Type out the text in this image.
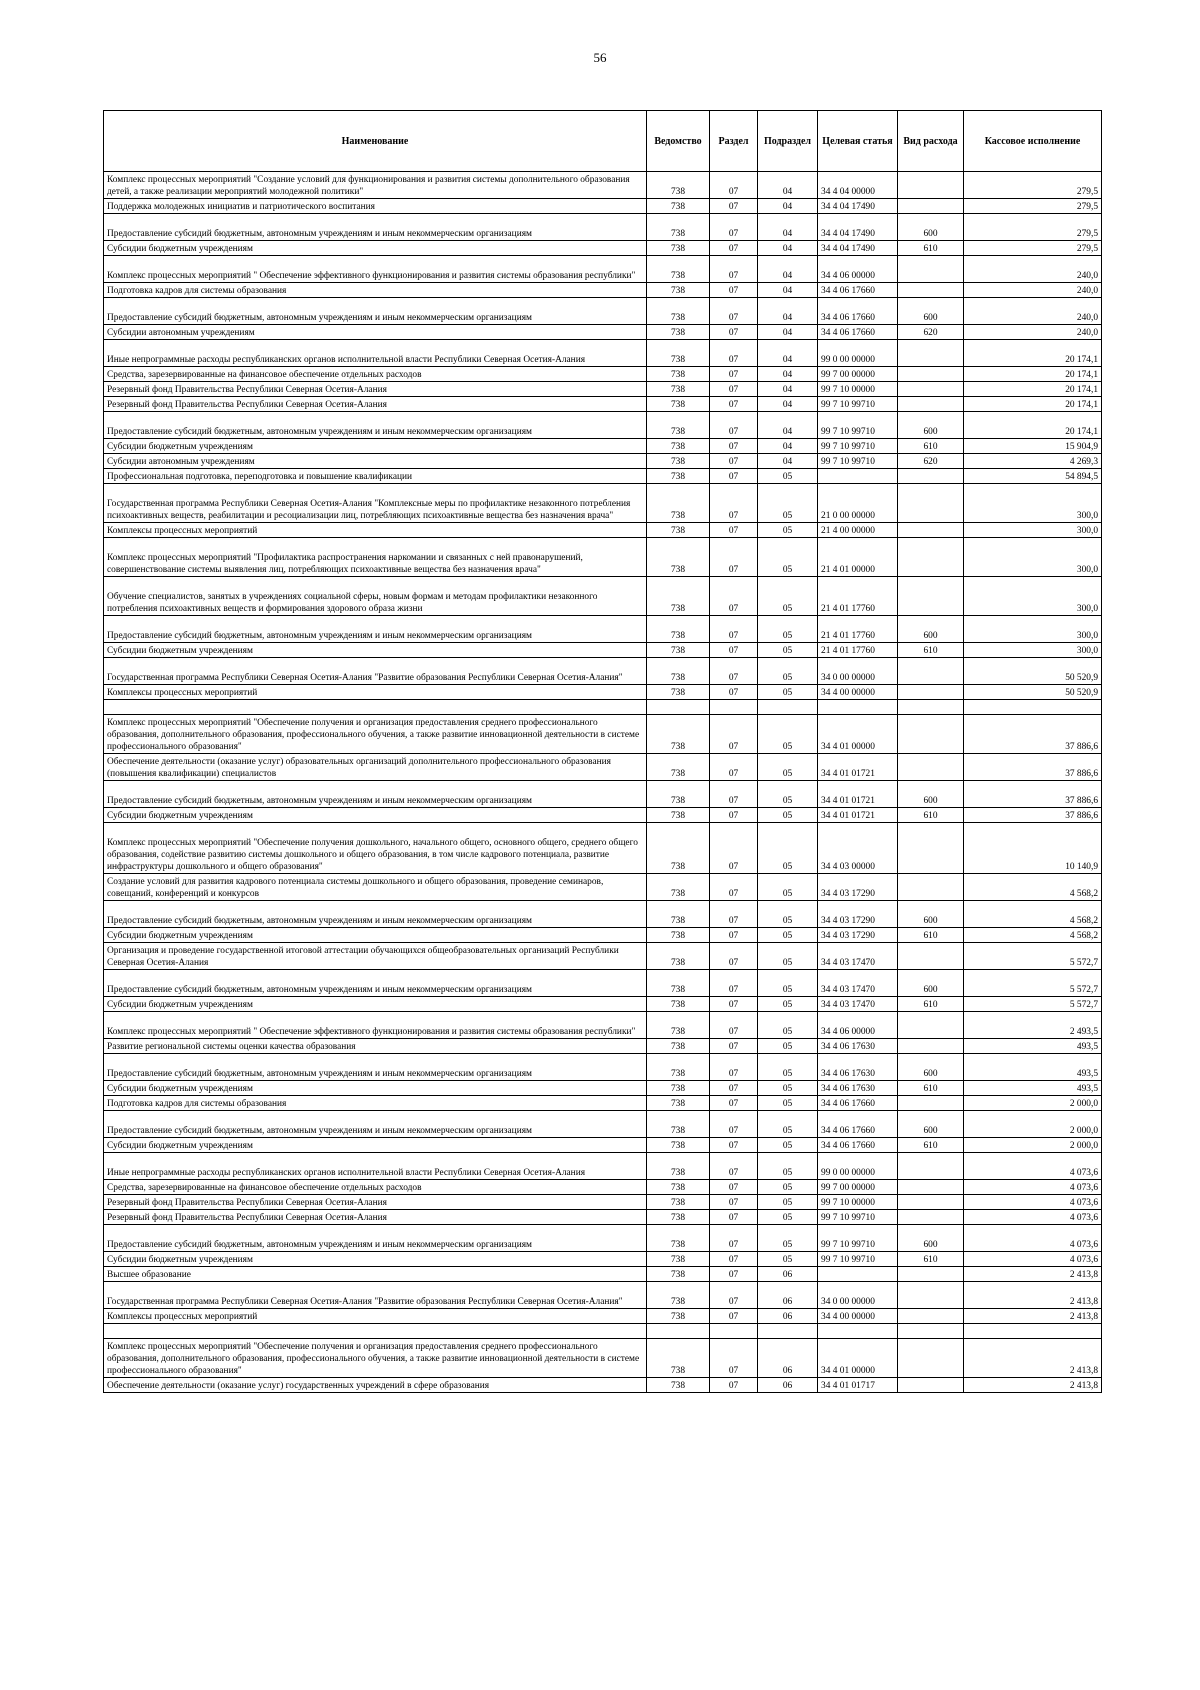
56
Наименование	Ведомство	Раздел	Подраздел	Целевая статья	Вид расхода	Кассовое исполнение
Комплекс процессных мероприятий "Создание условий для функционирования и развития системы дополнительного образования детей, а также реализации мероприятий молодежной политики"	738	07	04	34 4 04 00000		279,5
Поддержка молодежных инициатив и патриотического воспитания	738	07	04	34 4 04 17490		279,5
Предоставление субсидий бюджетным, автономным учреждениям и иным некоммерческим организациям	738	07	04	34 4 04 17490	600	279,5
Субсидии бюджетным учреждениям	738	07	04	34 4 04 17490	610	279,5
Комплекс процессных мероприятий " Обеспечение эффективного функционирования и развития системы образования республики"	738	07	04	34 4 06 00000		240,0
Подготовка кадров для системы образования	738	07	04	34 4 06 17660		240,0
Предоставление субсидий бюджетным, автономным учреждениям и иным некоммерческим организациям	738	07	04	34 4 06 17660	600	240,0
Субсидии автономным учреждениям	738	07	04	34 4 06 17660	620	240,0
Иные непрограммные расходы республиканских органов исполнительной власти Республики Северная Осетия-Алания	738	07	04	99 0 00 00000		20 174,1
Средства, зарезервированные на финансовое обеспечение отдельных расходов	738	07	04	99 7 00 00000		20 174,1
Резервный фонд Правительства Республики Северная Осетия-Алания	738	07	04	99 7 10 00000		20 174,1
Резервный фонд Правительства Республики Северная Осетия-Алания	738	07	04	99 7 10 99710		20 174,1
Предоставление субсидий бюджетным, автономным учреждениям и иным некоммерческим организациям	738	07	04	99 7 10 99710	600	20 174,1
Субсидии бюджетным учреждениям	738	07	04	99 7 10 99710	610	15 904,9
Субсидии автономным учреждениям	738	07	04	99 7 10 99710	620	4 269,3
Профессиональная подготовка, переподготовка и повышение квалификации	738	07	05			54 894,5
Государственная программа Республики Северная Осетия-Алания "Комплексные меры по профилактике незаконного потребления психоактивных веществ, реабилитации и ресоциализации лиц, потребляющих психоактивные вещества без назначения врача"	738	07	05	21 0 00 00000		300,0
Комплексы процессных мероприятий	738	07	05	21 4 00 00000		300,0
Комплекс процессных мероприятий "Профилактика распространения наркомании и связанных с ней правонарушений, совершенствование системы выявления лиц, потребляющих психоактивные вещества без назначения врача"	738	07	05	21 4 01 00000		300,0
Обучение специалистов, занятых в учреждениях социальной сферы, новым формам и методам профилактики незаконного потребления психоактивных веществ и формирования здорового образа жизни	738	07	05	21 4 01 17760		300,0
Предоставление субсидий бюджетным, автономным учреждениям и иным некоммерческим организациям	738	07	05	21 4 01 17760	600	300,0
Субсидии бюджетным учреждениям	738	07	05	21 4 01 17760	610	300,0
Государственная программа Республики Северная Осетия-Алания "Развитие образования Республики Северная Осетия-Алания"	738	07	05	34 0 00 00000		50 520,9
Комплексы процессных мероприятий	738	07	05	34 4 00 00000		50 520,9

Комплекс процессных мероприятий "Обеспечение получения и организация предоставления среднего профессионального образования, дополнительного образования, профессионального обучения, а также развитие инновационной деятельности в системе профессионального образования"	738	07	05	34 4 01 00000		37 886,6
Обеспечение деятельности (оказание услуг) образовательных организаций дополнительного профессионального образования (повышения квалификации) специалистов	738	07	05	34 4 01 01721		37 886,6
Предоставление субсидий бюджетным, автономным учреждениям и иным некоммерческим организациям	738	07	05	34 4 01 01721	600	37 886,6
Субсидии бюджетным учреждениям	738	07	05	34 4 01 01721	610	37 886,6
Комплекс процессных мероприятий "Обеспечение получения дошкольного, начального общего, основного общего, среднего общего образования, содействие развитию системы дошкольного и общего образования, в том числе кадрового потенциала, развитие инфраструктуры дошкольного и общего образования"	738	07	05	34 4 03 00000		10 140,9
Создание условий для развития кадрового потенциала системы дошкольного и общего образования, проведение семинаров, совещаний, конференций и конкурсов	738	07	05	34 4 03 17290		4 568,2
Предоставление субсидий бюджетным, автономным учреждениям и иным некоммерческим организациям	738	07	05	34 4 03 17290	600	4 568,2
Субсидии бюджетным учреждениям	738	07	05	34 4 03 17290	610	4 568,2
Организация и проведение государственной итоговой аттестации обучающихся общеобразовательных организаций Республики Северная Осетия-Алания	738	07	05	34 4 03 17470		5 572,7
Предоставление субсидий бюджетным, автономным учреждениям и иным некоммерческим организациям	738	07	05	34 4 03 17470	600	5 572,7
Субсидии бюджетным учреждениям	738	07	05	34 4 03 17470	610	5 572,7
Комплекс процессных мероприятий " Обеспечение эффективного функционирования и развития системы образования республики"	738	07	05	34 4 06 00000		2 493,5
Развитие региональной системы оценки качества образования	738	07	05	34 4 06 17630		493,5
Предоставление субсидий бюджетным, автономным учреждениям и иным некоммерческим организациям	738	07	05	34 4 06 17630	600	493,5
Субсидии бюджетным учреждениям	738	07	05	34 4 06 17630	610	493,5
Подготовка кадров для системы образования	738	07	05	34 4 06 17660		2 000,0
Предоставление субсидий бюджетным, автономным учреждениям и иным некоммерческим организациям	738	07	05	34 4 06 17660	600	2 000,0
Субсидии бюджетным учреждениям	738	07	05	34 4 06 17660	610	2 000,0
Иные непрограммные расходы республиканских органов исполнительной власти Республики Северная Осетия-Алания	738	07	05	99 0 00 00000		4 073,6
Средства, зарезервированные на финансовое обеспечение отдельных расходов	738	07	05	99 7 00 00000		4 073,6
Резервный фонд Правительства Республики Северная Осетия-Алания	738	07	05	99 7 10 00000		4 073,6
Резервный фонд Правительства Республики Северная Осетия-Алания	738	07	05	99 7 10 99710		4 073,6
Предоставление субсидий бюджетным, автономным учреждениям и иным некоммерческим организациям	738	07	05	99 7 10 99710	600	4 073,6
Субсидии бюджетным учреждениям	738	07	05	99 7 10 99710	610	4 073,6
Высшее образование	738	07	06			2 413,8
Государственная программа Республики Северная Осетия-Алания "Развитие образования Республики Северная Осетия-Алания"	738	07	06	34 0 00 00000		2 413,8
Комплексы процессных мероприятий	738	07	06	34 4 00 00000		2 413,8

Комплекс процессных мероприятий "Обеспечение получения и организация предоставления среднего профессионального образования, дополнительного образования, профессионального обучения, а также развитие инновационной деятельности в системе профессионального образования"	738	07	06	34 4 01 00000		2 413,8
Обеспечение деятельности (оказание услуг) государственных учреждений в сфере образования	738	07	06	34 4 01 01717		2 413,8
